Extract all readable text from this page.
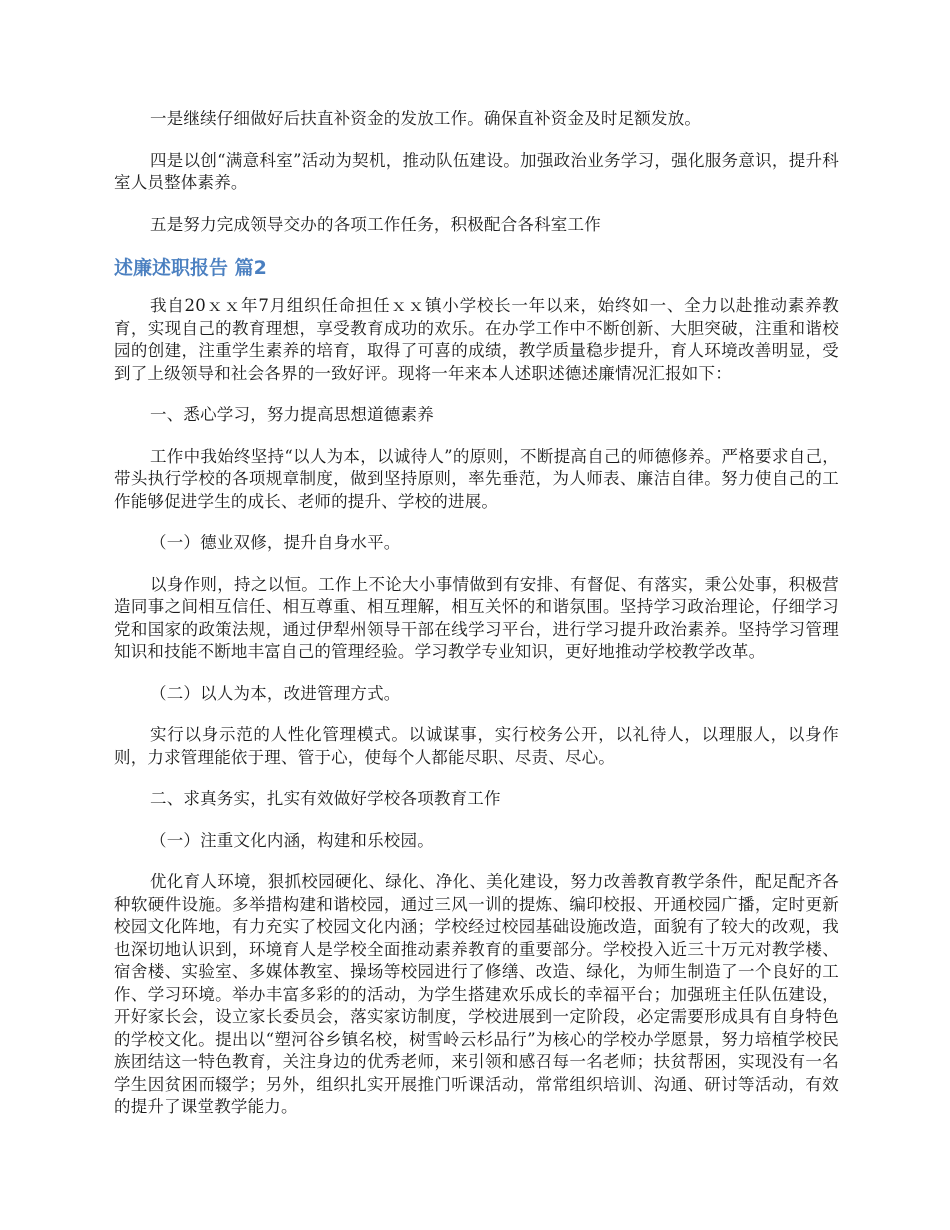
一是继续仔细做好后扶直补资金的发放工作。确保直补资金及时足额发放。

四是以创“满意科室”活动为契机，推动队伍建设。加强政治业务学习，强化服务意识，提升科室人员整体素养。

五是努力完成领导交办的各项工作任务，积极配合各科室工作

述廉述职报告 篇2

我自20ｘｘ年7月组织任命担任ｘｘ镇小学校长一年以来，始终如一、全力以赴推动素养教育，实现自己的教育理想，享受教育成功的欢乐。在办学工作中不断创新、大胆突破，注重和谐校园的创建，注重学生素养的培育，取得了可喜的成绩，教学质量稳步提升，育人环境改善明显，受到了上级领导和社会各界的一致好评。现将一年来本人述职述德述廉情况汇报如下：

一、悉心学习，努力提高思想道德素养

工作中我始终坚持“以人为本，以诚待人”的原则，不断提高自己的师德修养。严格要求自己，带头执行学校的各项规章制度，做到坚持原则，率先垂范，为人师表、廉洁自律。努力使自己的工作能够促进学生的成长、老师的提升、学校的进展。

（一）德业双修，提升自身水平。

以身作则，持之以恒。工作上不论大小事情做到有安排、有督促、有落实，秉公处事，积极营造同事之间相互信任、相互尊重、相互理解，相互关怀的和谐氛围。坚持学习政治理论，仔细学习党和国家的政策法规，通过伊犁州领导干部在线学习平台，进行学习提升政治素养。坚持学习管理知识和技能不断地丰富自己的管理经验。学习教学专业知识，更好地推动学校教学改革。

（二）以人为本，改进管理方式。

实行以身示范的人性化管理模式。以诚谋事，实行校务公开，以礼待人，以理服人，以身作则，力求管理能依于理、管于心，使每个人都能尽职、尽责、尽心。

二、求真务实，扎实有效做好学校各项教育工作

（一）注重文化内涵，构建和乐校园。

优化育人环境，狠抓校园硬化、绿化、净化、美化建设，努力改善教育教学条件，配足配齐各种软硬件设施。多举措构建和谐校园，通过三风一训的提炼、编印校报、开通校园广播，定时更新校园文化阵地，有力充实了校园文化内涵；学校经过校园基础设施改造，面貌有了较大的改观，我也深切地认识到，环境育人是学校全面推动素养教育的重要部分。学校投入近三十万元对教学楼、宿舍楼、实验室、多媒体教室、操场等校园进行了修缮、改造、绿化，为师生制造了一个良好的工作、学习环境。举办丰富多彩的的活动，为学生搭建欢乐成长的幸福平台；加强班主任队伍建设，开好家长会，设立家长委员会，落实家访制度，学校进展到一定阶段，必定需要形成具有自身特色的学校文化。提出以“塑河谷乡镇名校，树雪岭云杉品行”为核心的学校办学愿景，努力培植学校民族团结这一特色教育，关注身边的优秀老师，来引领和感召每一名老师；扶贫帮困，实现没有一名学生因贫困而辍学；另外，组织扎实开展推门听课活动，常常组织培训、沟通、研讨等活动，有效的提升了课堂教学能力。
